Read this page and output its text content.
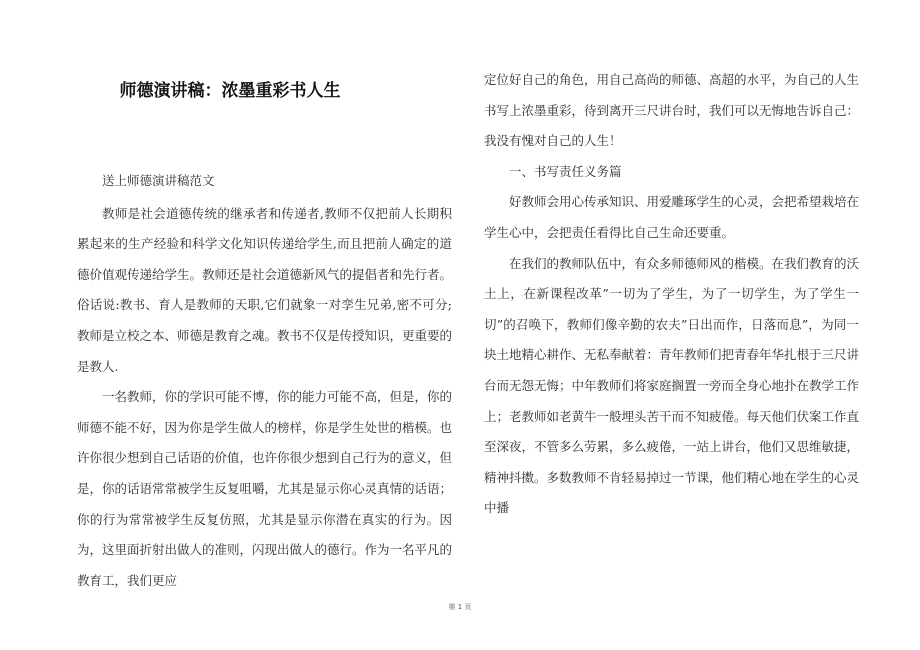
师德演讲稿：浓墨重彩书人生

送上师德演讲稿范文

教师是社会道德传统的继承者和传递者,教师不仅把前人长期积累起来的生产经验和科学文化知识传递给学生,而且把前人确定的道德价值观传递给学生。教师还是社会道德新风气的提倡者和先行者。俗话说:教书、育人是教师的天职,它们就象一对孪生兄弟,密不可分;教师是立校之本、师德是教育之魂。教书不仅是传授知识，更重要的是教人.

一名教师，你的学识可能不博，你的能力可能不高，但是，你的师德不能不好，因为你是学生做人的榜样，你是学生处世的楷模。也许你很少想到自己话语的价值，也许你很少想到自己行为的意义，但是，你的话语常常被学生反复咀嚼，尤其是显示你心灵真情的话语；你的行为常常被学生反复仿照，尤其是显示你潜在真实的行为。因为，这里面折射出做人的准则，闪现出做人的德行。作为一名平凡的教育工，我们更应

定位好自己的角色，用自己高尚的师德、高超的水平，为自己的人生书写上浓墨重彩，待到离开三尺讲台时，我们可以无悔地告诉自己：我没有愧对自己的人生！

一、书写责任义务篇

好教师会用心传承知识、用爱雕琢学生的心灵，会把希望栽培在学生心中，会把责任看得比自己生命还要重。

在我们的教师队伍中，有众多师德师风的楷模。在我们教育的沃土上，在新课程改革”一切为了学生，为了一切学生，为了学生一切”的召唤下，教师们像辛勤的农夫”日出而作，日落而息”，为同一块土地精心耕作、无私奉献着：青年教师们把青春年华扎根于三尺讲台而无怨无悔；中年教师们将家庭搁置一旁而全身心地扑在教学工作上；老教师如老黄牛一般埋头苦干而不知疲倦。每天他们伏案工作直至深夜，不管多么劳累，多么疲倦，一站上讲台，他们又思维敏捷，精神抖擞。多数教师不肯轻易掉过一节课，他们精心地在学生的心灵中播

第 1 页
